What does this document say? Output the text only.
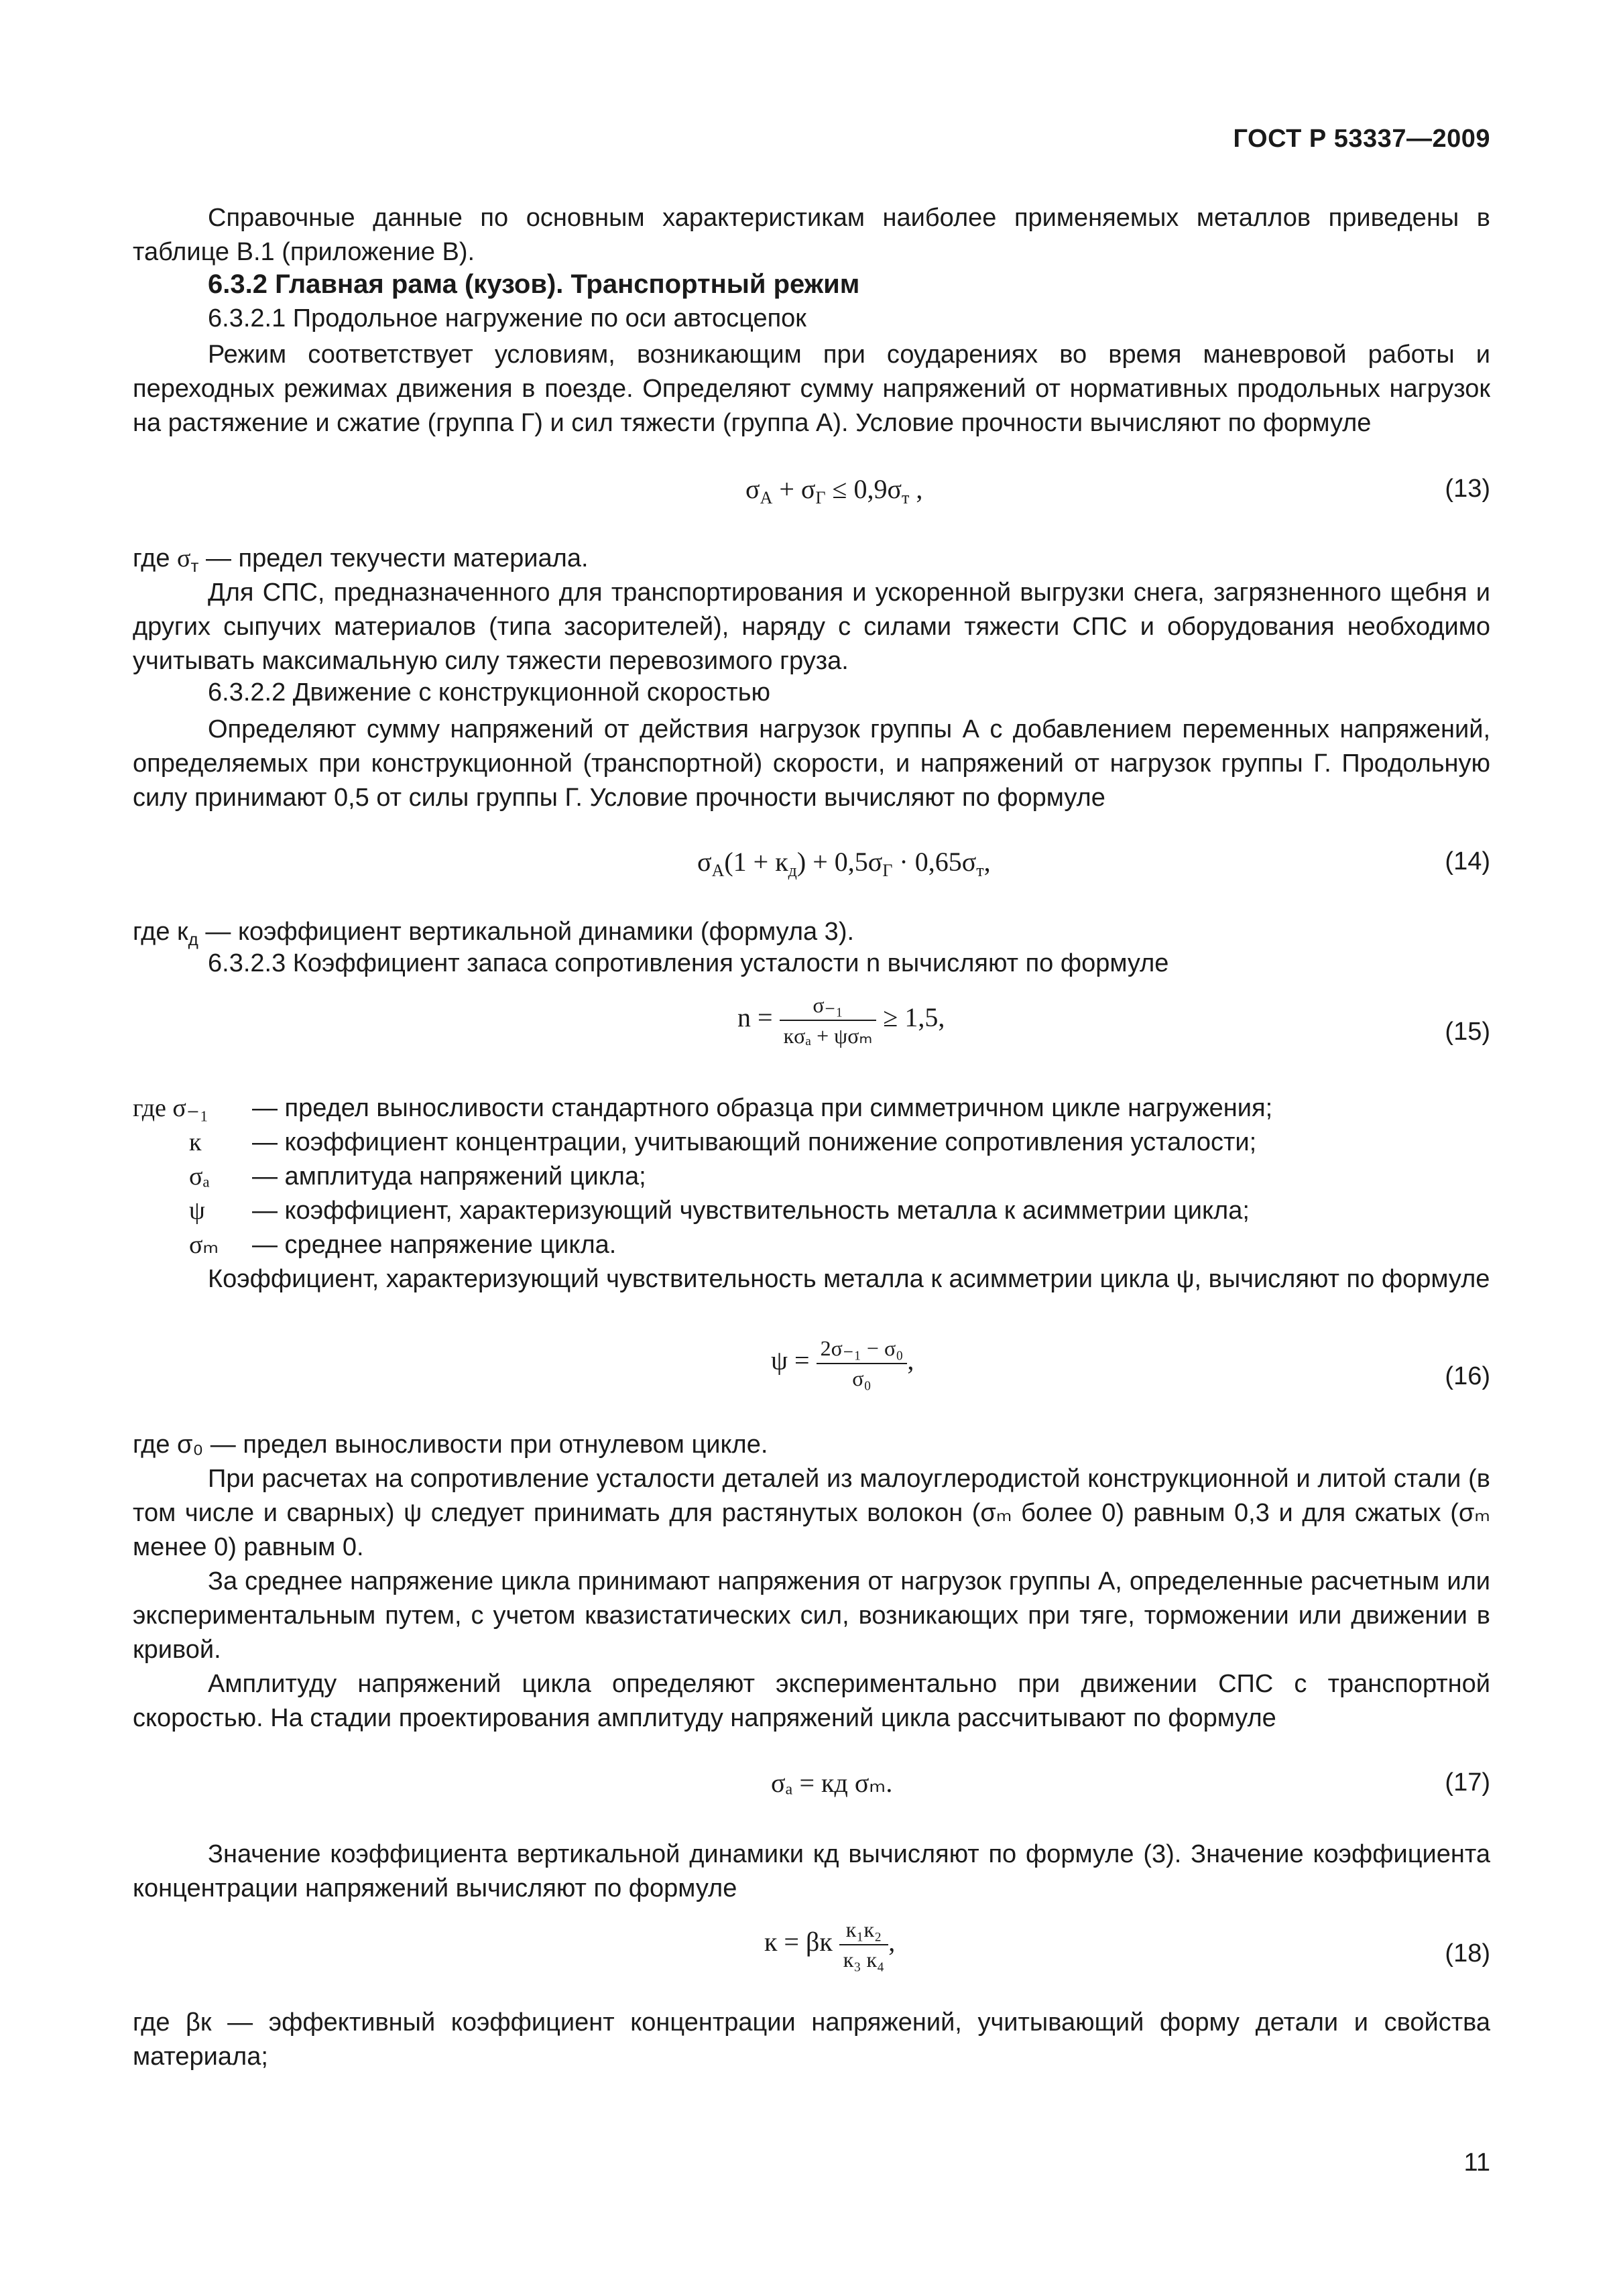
ГОСТ Р 53337—2009

Справочные данные по основным характеристикам наиболее применяемых металлов приведены в таблице В.1 (приложение В).

6.3.2 Главная рама (кузов). Транспортный режим

6.3.2.1 Продольное нагружение по оси автосцепок

Режим соответствует условиям, возникающим при соударениях во время маневровой работы и переходных режимах движения в поезде. Определяют сумму напряжений от нормативных продольных нагрузок на растяжение и сжатие (группа Г) и сил тяжести (группа А). Условие прочности вычисляют по формуле

$\sigma_А + \sigma_Г \le 0,9\sigma_т$ ,	(13)
где $\sigma_т$ — предел текучести материала.

Для СПС, предназначенного для транспортирования и ускоренной выгрузки снега, загрязненного щебня и других сыпучих материалов (типа засорителей), наряду с силами тяжести СПС и оборудования необходимо учитывать максимальную силу тяжести перевозимого груза.

6.3.2.2 Движение с конструкционной скоростью

Определяют сумму напряжений от действия нагрузок группы А с добавлением переменных напряжений, определяемых при конструкционной (транспортной) скорости, и напряжений от нагрузок группы Г. Продольную силу принимают 0,5 от силы группы Г. Условие прочности вычисляют по формуле

$\sigma_А(1 + к_д) + 0,5\sigma_Г \cdot 0,65\sigma_т$,	(14)
где $к_д$ — коэффициент вертикальной динамики (формула 3).

6.3.2.3 Коэффициент запаса сопротивления усталости n вычисляют по формуле

$n = \frac{\text{σ₋₁}}{\text{кσₐ + ψσₘ}} \ge 1,5$,	(15)
где σ₋₁ — предел выносливости стандартного образца при симметричном цикле нагружения;
к — коэффициент концентрации, учитывающий понижение сопротивления усталости;
σₐ — амплитуда напряжений цикла;
ψ — коэффициент, характеризующий чувствительность металла к асимметрии цикла;
σₘ — среднее напряжение цикла.

Коэффициент, характеризующий чувствительность металла к асимметрии цикла ψ, вычисляют по формуле

$\psi = \frac{\text{2σ₋₁ − σ₀}}{\text{σ₀}}$ ,
(16)
где σ₀ — предел выносливости при отнулевом цикле.

При расчетах на сопротивление усталости деталей из малоуглеродистой конструкционной и литой стали (в том числе и сварных) ψ следует принимать для растянутых волокон (σₘ более 0) равным 0,3 и для сжатых (σₘ менее 0) равным 0.

За среднее напряжение цикла принимают напряжения от нагрузок группы А, определенные расчетным или экспериментальным путем, с учетом квазистатических сил, возникающих при тяге, торможении или движении в кривой.

Амплитуду напряжений цикла определяют экспериментально при движении СПС с транспортной скоростью. На стадии проектирования амплитуду напряжений цикла рассчитывают по формуле

σₐ = кд σₘ.	(17)

Значение коэффициента вертикальной динамики кд вычисляют по формуле (3). Значение коэффициента концентрации напряжений вычисляют по формуле

к = βк $\frac{\text{к₁к₂}}{\text{к₃ к₄}}$ ,	(18)

где βк — эффективный коэффициент концентрации напряжений, учитывающий форму детали и свойства материала;

11
